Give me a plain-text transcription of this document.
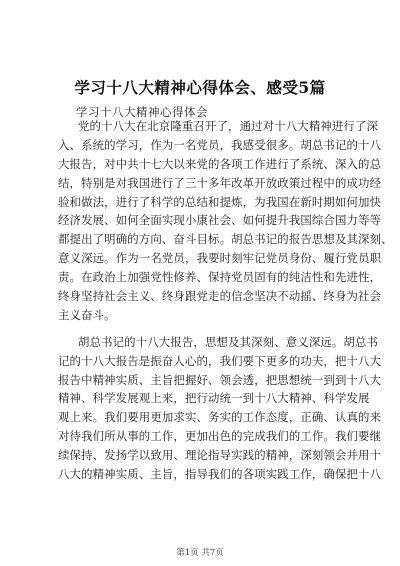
学习十八大精神心得体会、感受5篇
学习十八大精神心得体会
党的十八大在北京隆重召开了，通过对十八大精神进行了深
入、系统的学习，作为一名党员，我感受很多。胡总书记的十八
大报告，对中共十七大以来党的各项工作进行了系统、深入的总
结，特别是对我国进行了三十多年改革开放政策过程中的成功经
验和做法，进行了科学的总结和提炼，为我国在新时期如何加快
经济发展、如何全面实现小康社会、如何提升我国综合国力等等
都提出了明确的方向、奋斗目标。胡总书记的报告思想及其深刻、
意义深远。作为一名党员，我要时刻牢记党员身份、履行党员职
责。在政治上加强党性修养、保持党员固有的纯洁性和先进性，
终身坚持社会主义、终身跟党走的信念坚决不动摇、终身为社会
主义奋斗。
胡总书记的十八大报告，思想及其深刻、意义深远。胡总书
记的十八大报告是振奋人心的，我们要下更多的功夫，把十八大
报告中精神实质、主旨把握好、领会透，把思想统一到到十八大
精神、科学发展观上来，把行动统一到十八大精神、科学发展
观上来。我们要用更加求实、务实的工作态度，正确、认真的来
对待我们所从事的工作，更加出色的完成我们的工作。我们要继
续保持、发扬学以致用、理论指导实践的精神，深刻领会并用十
八大的精神实质、主旨，指导我们的各项实践工作，确保把十八
第1页 共7页
